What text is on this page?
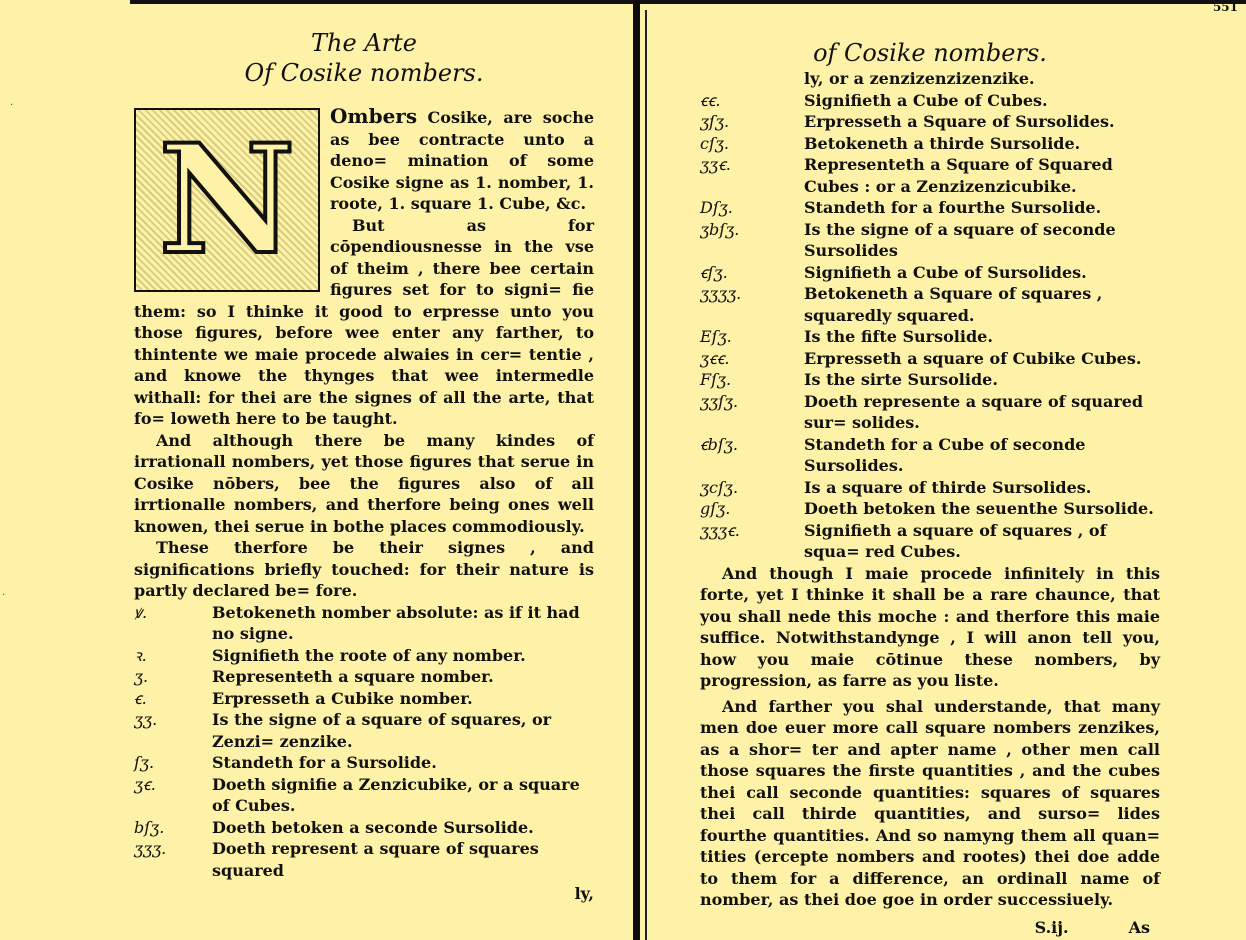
551
·
·
The Arte
Of Cosike nombers.
N	Ombers Cosike, are soche as bee contracte unto a deno= mination of some Cosike signe as 1. nomber, 1. roote, 1. square 1. Cube, &c.

But as for cōpendiousnesse in the vse of theim , there bee certain figures set for to signi= fie them: so I thinke it good to erpresse unto you those figures, before wee enter any farther, to thintente we maie procede alwaies in cer= tentie , and knowe the thynges that wee intermedle withall: for thei are the signes of all the arte, that fo= loweth here to be taught.

And although there be many kindes of irrationall nombers, yet those figures that serue in Cosike nōbers, bee the figures also of all irrtionalle nombers, and therfore being ones well knowen, thei serue in bothe places commodiously.

These therfore be their signes , and significations briefly touched: for their nature is partly declared be= fore.

ꝟ.	Betokeneth nomber absolute: as if it had no signe.
ꝛ.	Signifieth the roote of any nomber.
ʒ.	Represenŧeth a square nomber.
ꞓ.	Erpresseth a Cubike nomber.
ʒʒ.	Is the signe of a square of squares, or Zenzi= zenzike.
ſʒ.	Standeth for a Sursolide.
ʒꞓ.	Doeth signifie a Zenzicubike, or a square of Cubes.
bſʒ.	Doeth betoken a seconde Sursolide.
ʒʒʒ.	Doeth represent a square of squares squared
ly,
of Cosike nombers.
ly, or a zenzizenzizenzike.
ꞓꞓ.	Signifieth a Cube of Cubes.
ʒſʒ.	Erpresseth a Square of Sursolides.
cſʒ.	Betokeneth a thirde Sursolide.
ʒʒꞓ.	Representeth a Square of Squared Cubes : or a Zenzizenzicubike.
Dſʒ.	Standeth for a fourthe Sursolide.
ʒbſʒ.	Is the signe of a square of seconde Sursolides
ꞓſʒ.	Signifieth a Cube of Sursolides.
ʒʒʒʒ.	Betokeneth a Square of squares , squaredly squared.
Eſʒ.	Is the fifte Sursolide.
ʒꞓꞓ.	Erpresseth a square of Cubike Cubes.
Fſʒ.	Is the sirte Sursolide.
ʒʒſʒ.	Doeth represente a square of squared sur= solides.
ꞓbſʒ.	Standeth for a Cube of seconde Sursolides.
ʒcſʒ.	Is a square of thirde Sursolides.
gſʒ.	Doeth betoken the seuenthe Sursolide.
ʒʒʒꞓ.	Signifieth a square of squares , of squa= red Cubes.

And though I maie procede infinitely in this forte, yet I thinke it shall be a rare chaunce, that you shall nede this moche : and therfore this maie suffice. Notwithstandynge , I will anon tell you, how you maie cōtinue these nombers, by progression, as farre as you liste.

And farther you shal understande, that many men doe euer more call square nombers zenzikes, as a shor= ter and apter name , other men call those squares the firste quantities , and the cubes thei call seconde quantities: squares of squares thei call thirde quantities, and surso= lides fourthe quantities. And so namyng them all quan= tities (ercepte nombers and rootes) thei doe adde to them for a difference, an ordinall name of nomber, as thei doe goe in order successiuely.

S.ij.	As
